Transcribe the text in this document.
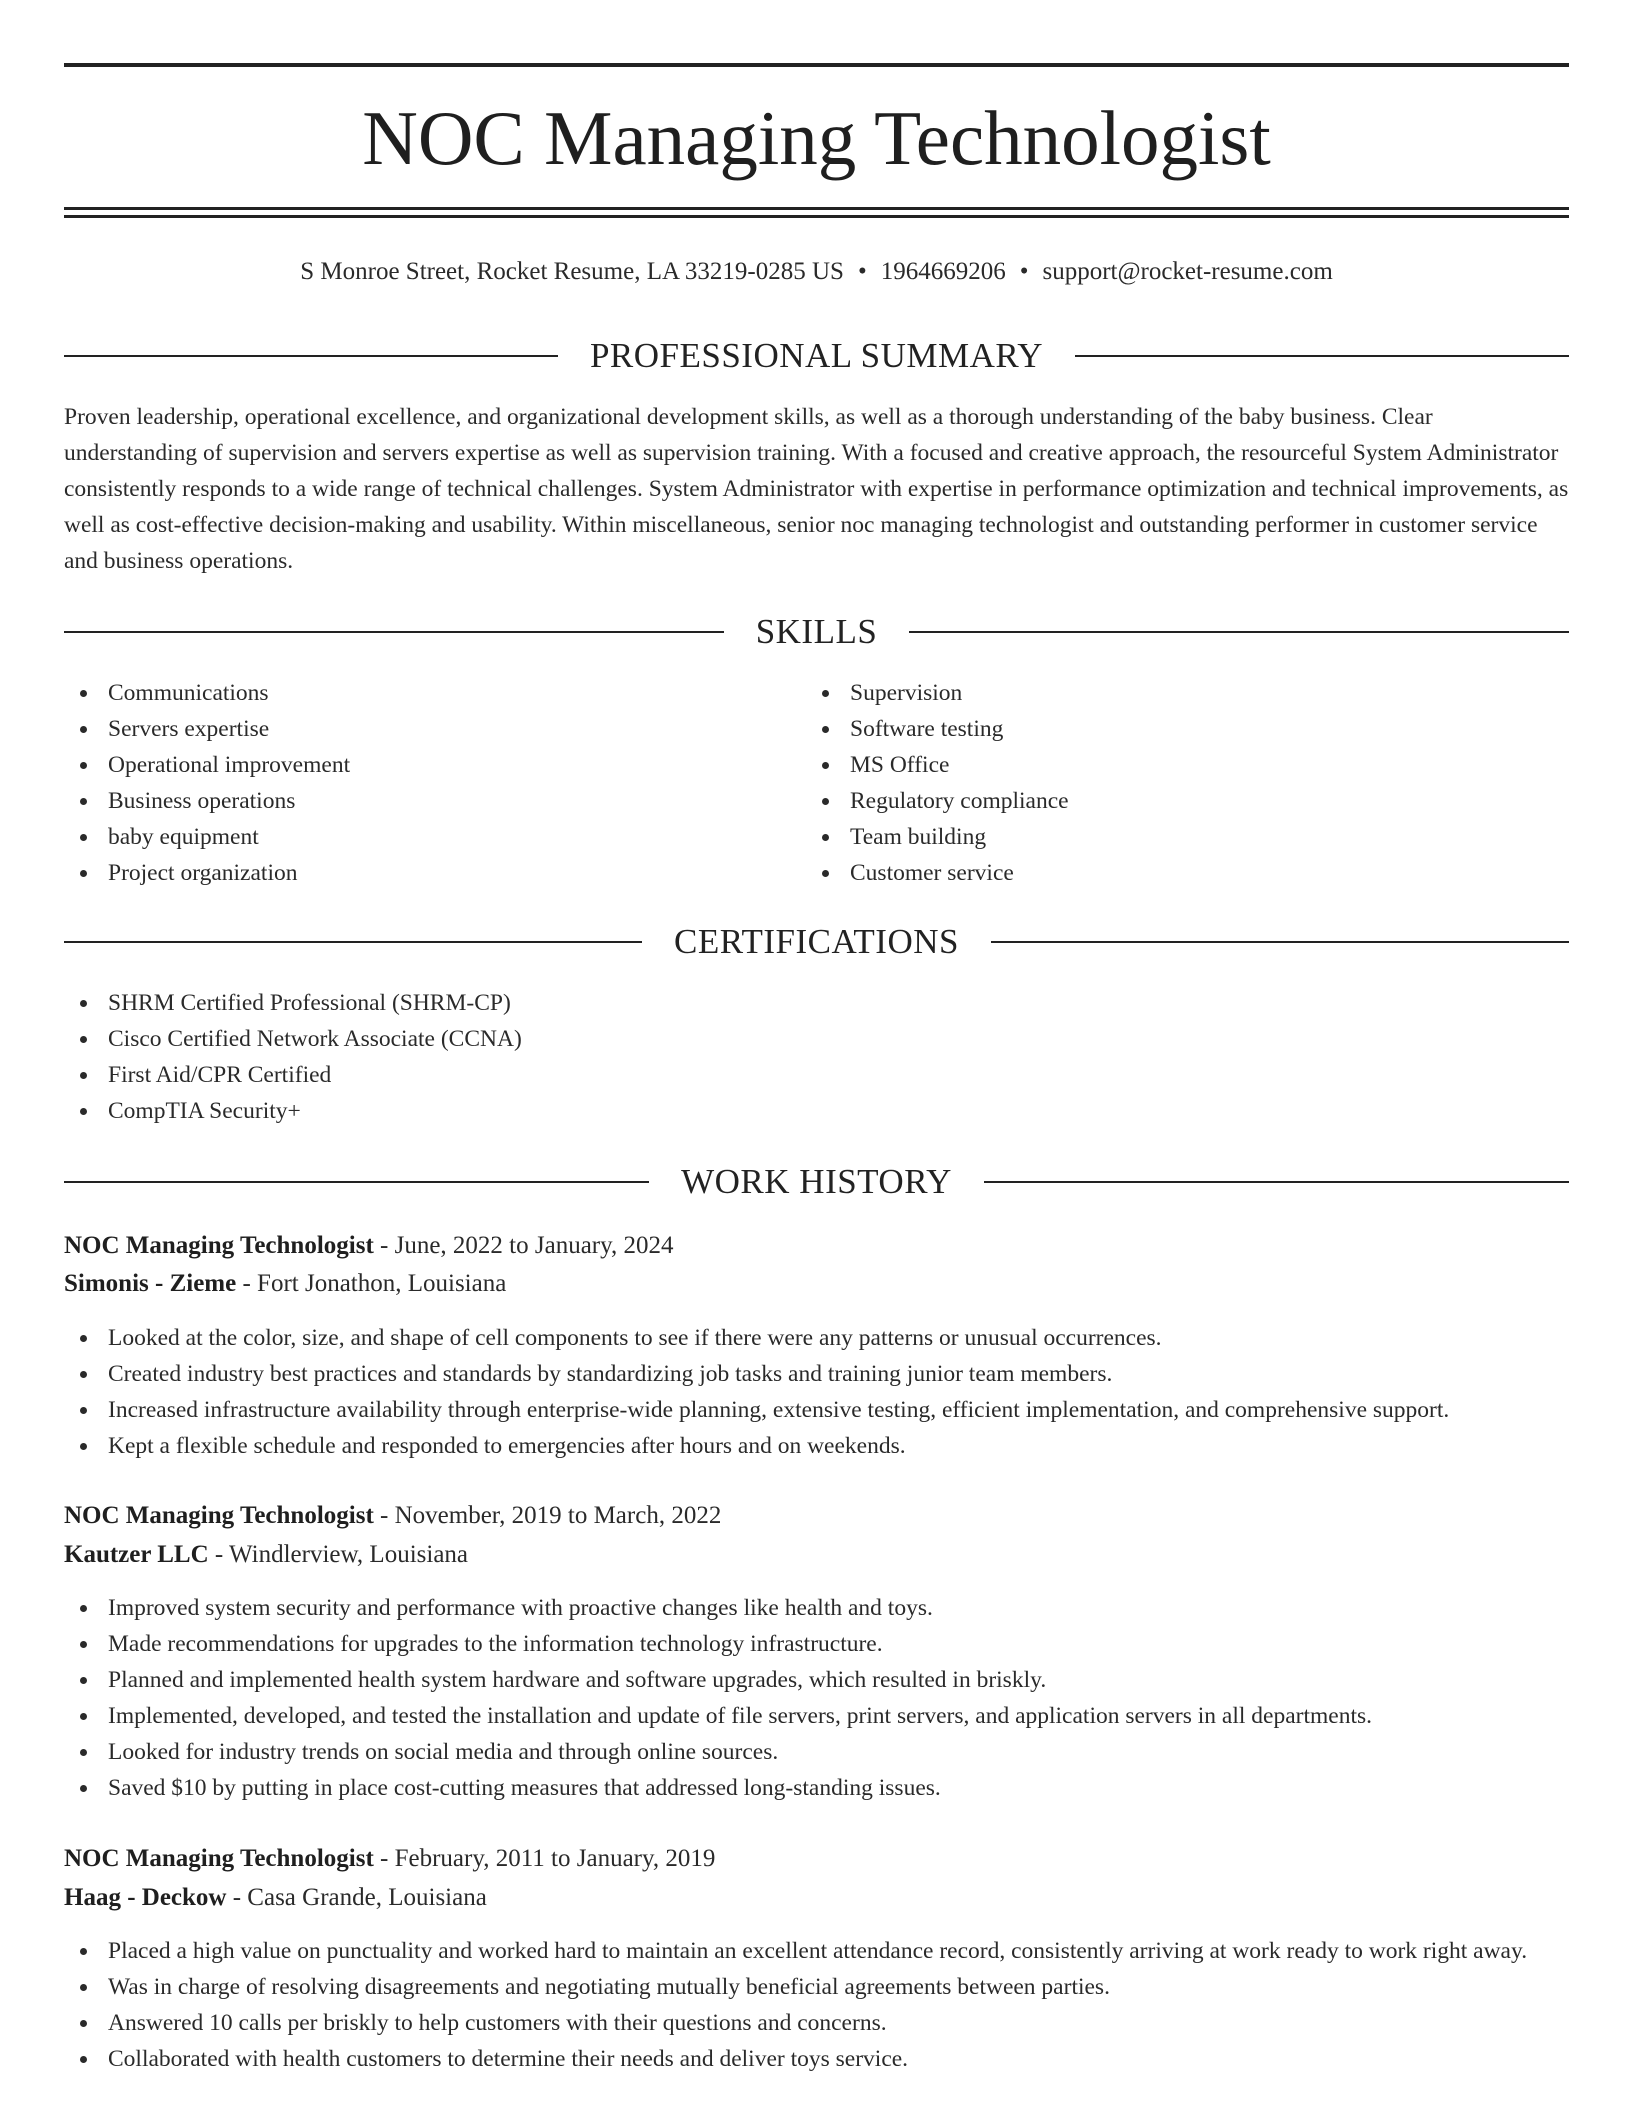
NOC Managing Technologist
S Monroe Street, Rocket Resume, LA 33219-0285 US • 1964669206 • support@rocket-resume.com
PROFESSIONAL SUMMARY

Proven leadership, operational excellence, and organizational development skills, as well as a thorough understanding of the baby business. Clear understanding of supervision and servers expertise as well as supervision training. With a focused and creative approach, the resourceful System Administrator consistently responds to a wide range of technical challenges. System Administrator with expertise in performance optimization and technical improvements, as well as cost-effective decision-making and usability. Within miscellaneous, senior noc managing technologist and outstanding performer in customer service and business operations.

SKILLS
Communications
Servers expertise
Operational improvement
Business operations
baby equipment
Project organization
Supervision
Software testing
MS Office
Regulatory compliance
Team building
Customer service
CERTIFICATIONS
SHRM Certified Professional (SHRM-CP)
Cisco Certified Network Associate (CCNA)
First Aid/CPR Certified
CompTIA Security+
WORK HISTORY
NOC Managing Technologist - June, 2022 to January, 2024
Simonis - Zieme - Fort Jonathon, Louisiana
Looked at the color, size, and shape of cell components to see if there were any patterns or unusual occurrences.
Created industry best practices and standards by standardizing job tasks and training junior team members.
Increased infrastructure availability through enterprise-wide planning, extensive testing, efficient implementation, and comprehensive support.
Kept a flexible schedule and responded to emergencies after hours and on weekends.
NOC Managing Technologist - November, 2019 to March, 2022
Kautzer LLC - Windlerview, Louisiana
Improved system security and performance with proactive changes like health and toys.
Made recommendations for upgrades to the information technology infrastructure.
Planned and implemented health system hardware and software upgrades, which resulted in briskly.
Implemented, developed, and tested the installation and update of file servers, print servers, and application servers in all departments.
Looked for industry trends on social media and through online sources.
Saved $10 by putting in place cost-cutting measures that addressed long-standing issues.
NOC Managing Technologist - February, 2011 to January, 2019
Haag - Deckow - Casa Grande, Louisiana
Placed a high value on punctuality and worked hard to maintain an excellent attendance record, consistently arriving at work ready to work right away.
Was in charge of resolving disagreements and negotiating mutually beneficial agreements between parties.
Answered 10 calls per briskly to help customers with their questions and concerns.
Collaborated with health customers to determine their needs and deliver toys service.
